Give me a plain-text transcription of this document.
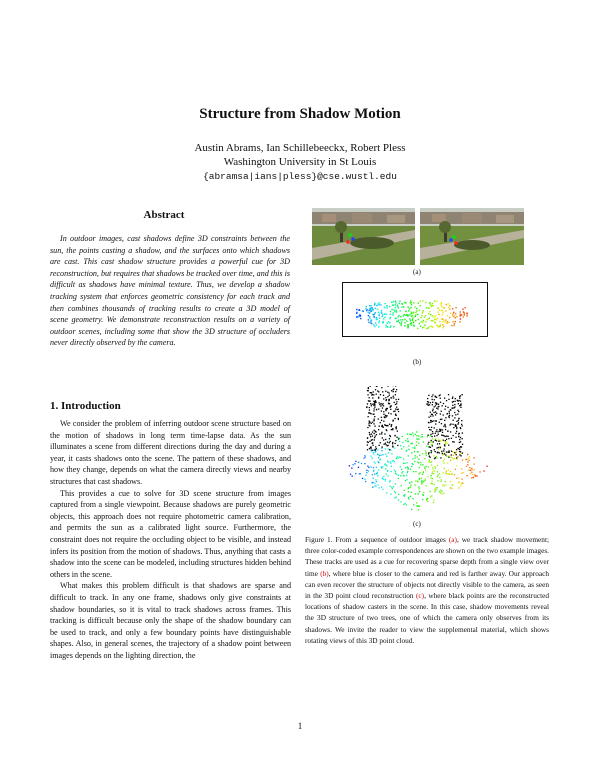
Structure from Shadow Motion
Austin Abrams, Ian Schillebeeckx, Robert Pless
Washington University in St Louis
{abramsa|ians|pless}@cse.wustl.edu
Abstract
In outdoor images, cast shadows define 3D constraints between the sun, the points casting a shadow, and the surfaces onto which shadows are cast. This cast shadow structure provides a powerful cue for 3D reconstruction, but requires that shadows be tracked over time, and this is difficult as shadows have minimal texture. Thus, we develop a shadow tracking system that enforces geometric consistency for each track and then combines thousands of tracking results to create a 3D model of scene geometry. We demonstrate reconstruction results on a variety of outdoor scenes, including some that show the 3D structure of occluders never directly observed by the camera.
1. Introduction

We consider the problem of inferring outdoor scene structure based on the motion of shadows in long term time-lapse data. As the sun illuminates a scene from different directions during the day and during a year, it casts shadows onto the scene. The pattern of these shadows, and how they change, depends on what the camera directly views and nearby structures that cast shadows.

This provides a cue to solve for 3D scene structure from images captured from a single viewpoint. Because shadows are purely geometric objects, this approach does not require photometric camera calibration, and permits the sun as a calibrated light source. Furthermore, the constraint does not require the occluding object to be visible, and instead infers its position from the motion of shadows. Thus, anything that casts a shadow into the scene can be modeled, including structures hidden behind others in the scene.

What makes this problem difficult is that shadows are sparse and difficult to track. In any one frame, shadows only give constraints at shadow boundaries, so it is vital to track shadows across frames. This tracking is difficult because only the shape of the shadow boundary can be used to track, and only a few boundary points have distinguishable shapes. Also, in general scenes, the trajectory of a shadow point between images depends on the lighting direction, the

(a)
(b)
(c)
Figure 1. From a sequence of outdoor images (a), we track shadow movement; three color-coded example correspondences are shown on the two example images. These tracks are used as a cue for recovering sparse depth from a single view over time (b), where blue is closer to the camera and red is farther away. Our approach can even recover the structure of objects not directly visible to the camera, as seen in the 3D point cloud reconstruction (c), where black points are the reconstructed locations of shadow casters in the scene. In this case, shadow movements reveal the 3D structure of two trees, one of which the camera only observes from its shadows. We invite the reader to view the supplemental material, which shows rotating views of this 3D point cloud.
1
